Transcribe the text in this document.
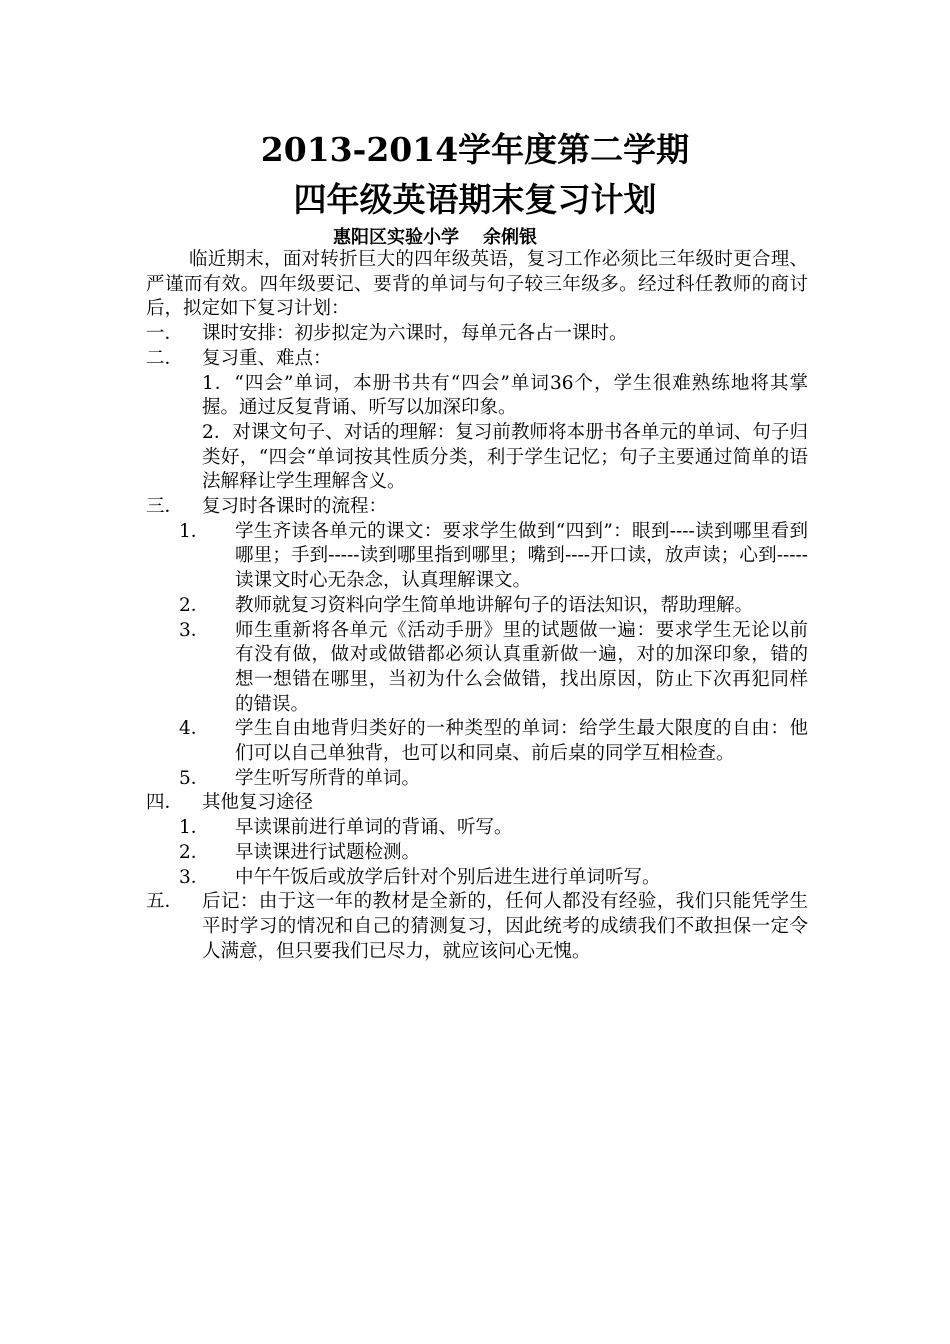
2013-2014学年度第二学期
四年级英语期末复习计划
惠阳区实验小学 余俐银

临近期末，面对转折巨大的四年级英语，复习工作必须比三年级时更合理、严谨而有效。四年级要记、要背的单词与句子较三年级多。经过科任教师的商讨后，拟定如下复习计划：

一．	课时安排：初步拟定为六课时，每单元各占一课时。
二．	复习重、难点：

1．“四会”单词，本册书共有“四会”单词36个，学生很难熟练地将其掌握。通过反复背诵、听写以加深印象。

2．对课文句子、对话的理解：复习前教师将本册书各单元的单词、句子归类好，“四会“单词按其性质分类，利于学生记忆；句子主要通过简单的语法解释让学生理解含义。

三．	复习时各课时的流程：
1．	学生齐读各单元的课文：要求学生做到“四到”：眼到----读到哪里看到哪里；手到-----读到哪里指到哪里；嘴到----开口读，放声读；心到-----读课文时心无杂念，认真理解课文。
2．	教师就复习资料向学生简单地讲解句子的语法知识，帮助理解。
3．	师生重新将各单元《活动手册》里的试题做一遍：要求学生无论以前有没有做，做对或做错都必须认真重新做一遍，对的加深印象，错的想一想错在哪里，当初为什么会做错，找出原因，防止下次再犯同样的错误。
4．	学生自由地背归类好的一种类型的单词：给学生最大限度的自由：他们可以自己单独背，也可以和同桌、前后桌的同学互相检查。
5．	学生听写所背的单词。
四．	其他复习途径
1．	早读课前进行单词的背诵、听写。
2．	早读课进行试题检测。
3．	中午午饭后或放学后针对个别后进生进行单词听写。
五．	后记：由于这一年的教材是全新的，任何人都没有经验，我们只能凭学生平时学习的情况和自己的猜测复习，因此统考的成绩我们不敢担保一定令人满意，但只要我们已尽力，就应该问心无愧。
